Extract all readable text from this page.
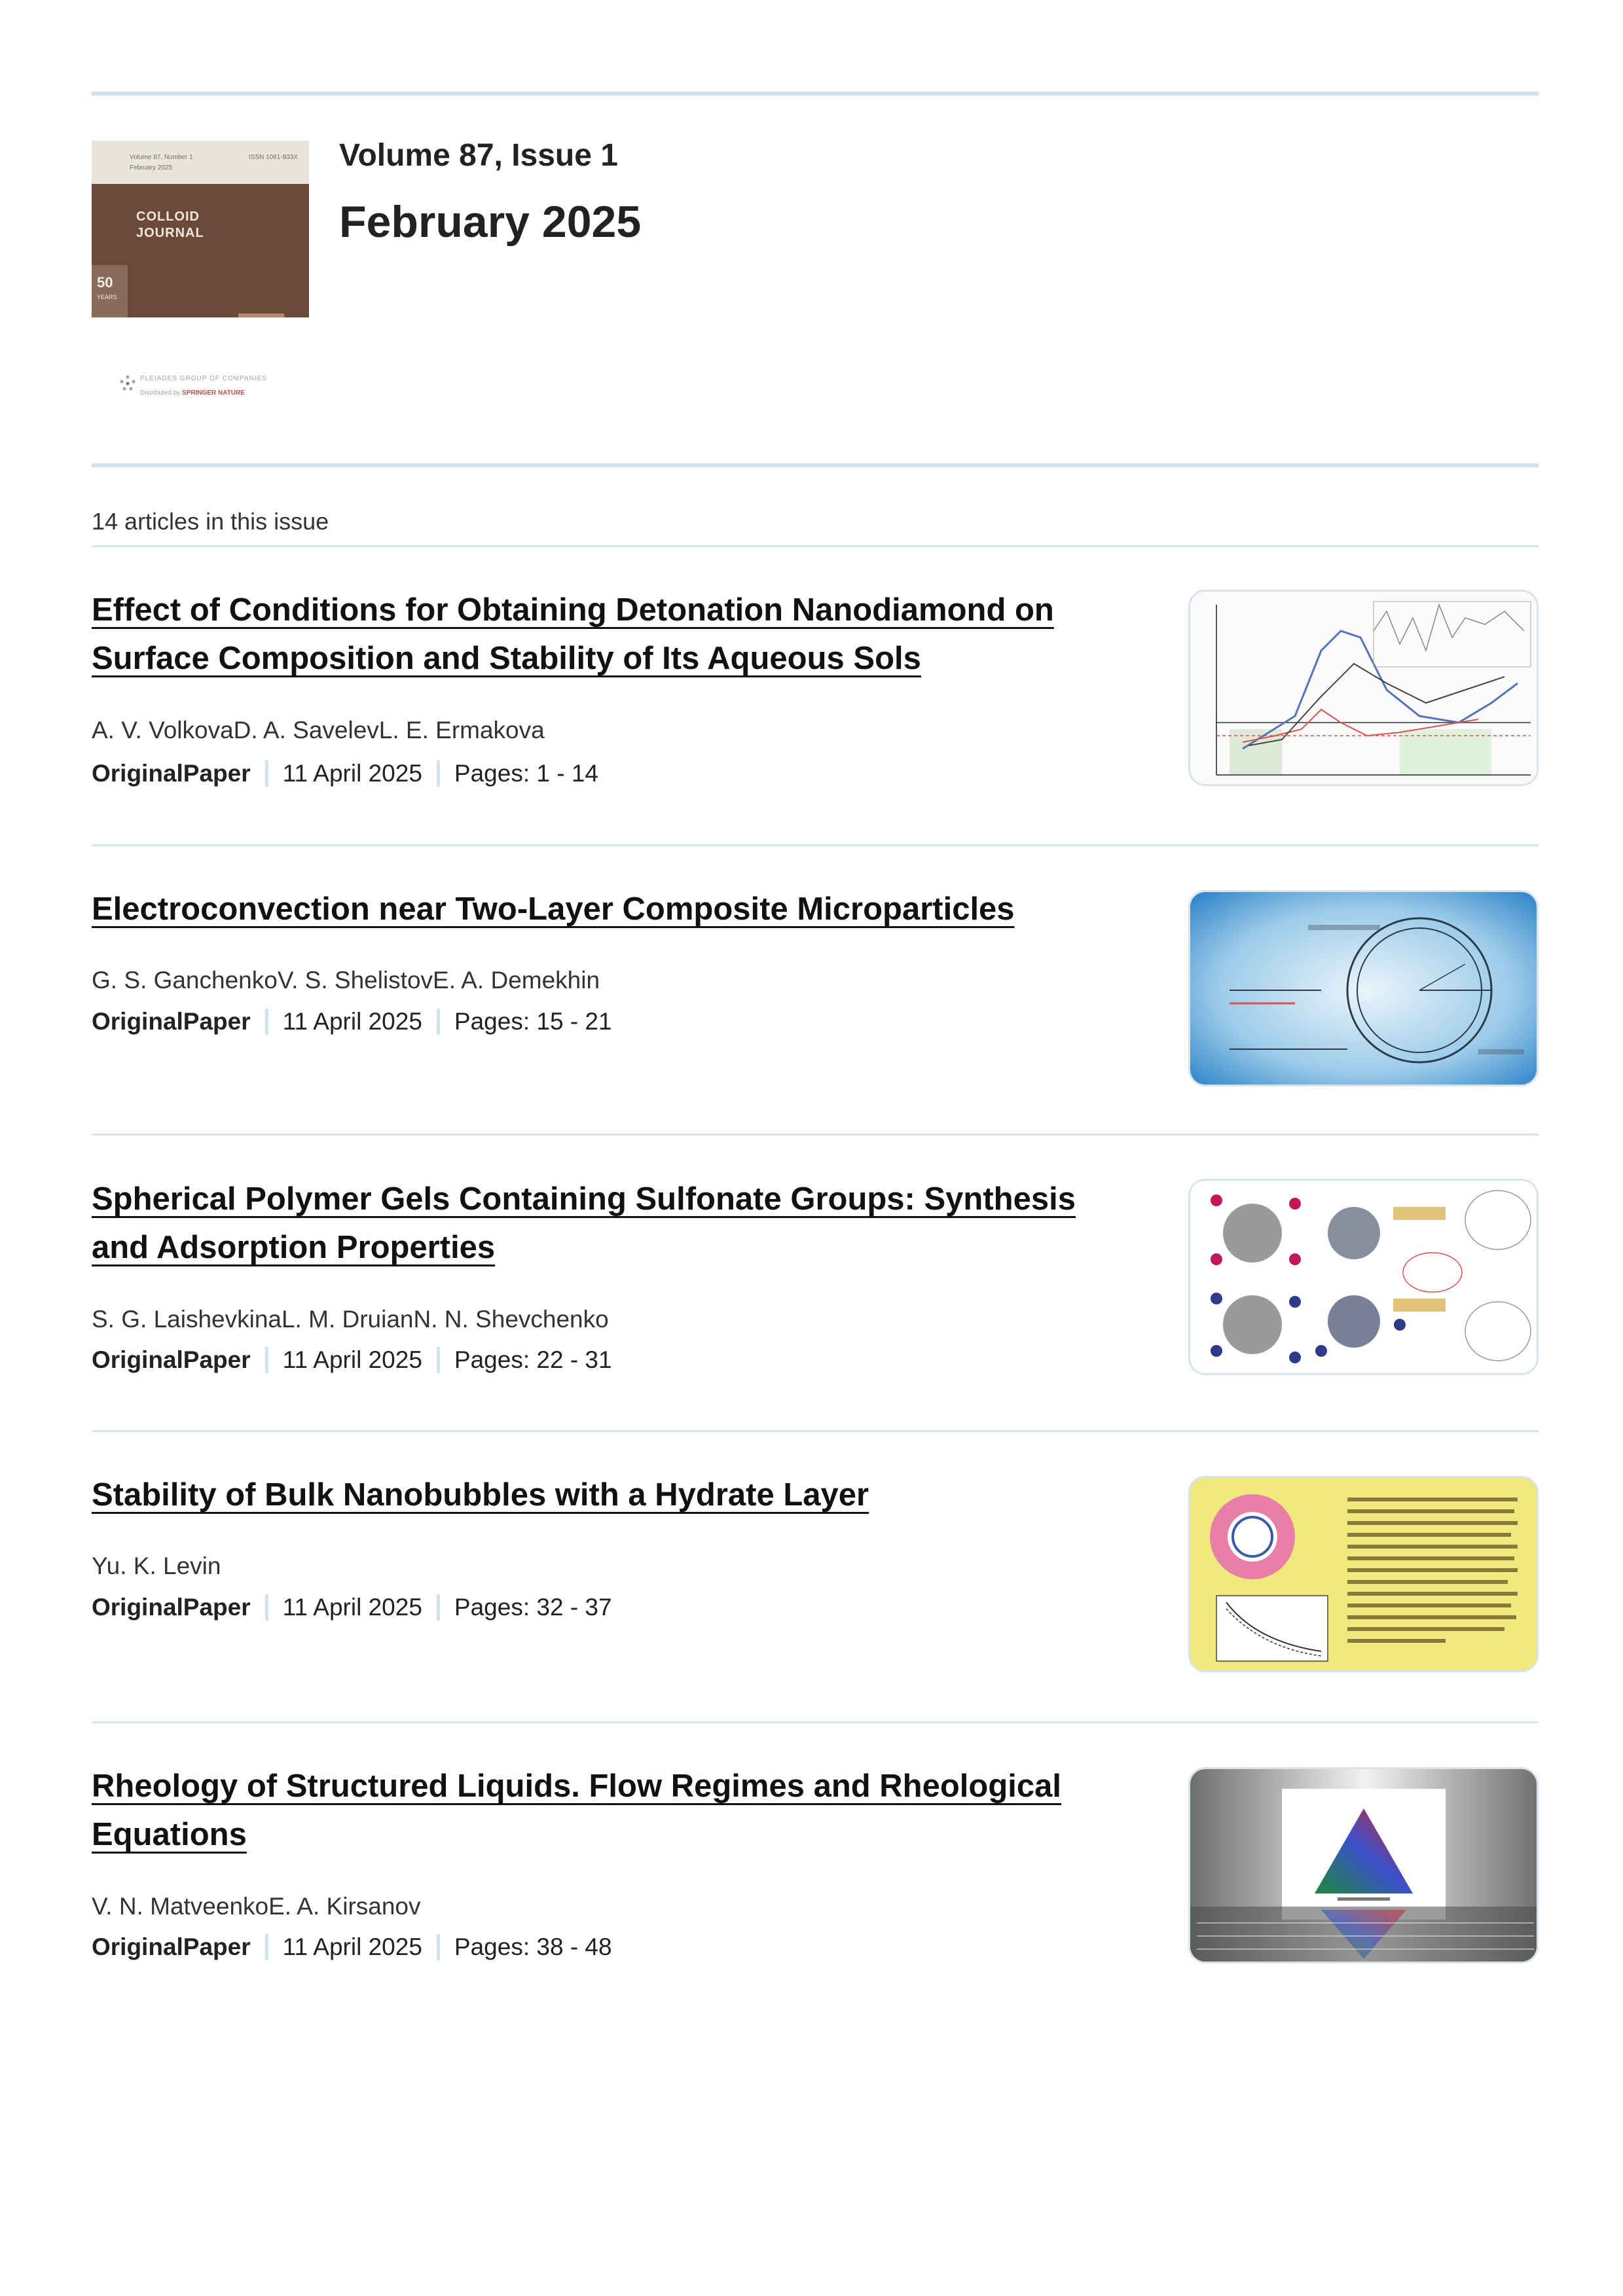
Volume 87, Number 1
February 2025
ISSN 1061-933X
COLLOID
JOURNAL
50
YEARS
PLEIADES GROUP OF COMPANIES
Distributed by SPRINGER NATURE
Volume 87, Issue 1
February 2025
14 articles in this issue
Effect of Conditions for Obtaining Detonation Nanodiamond on Surface Composition and Stability of Its Aqueous Sols
A. V. VolkovaD. A. SavelevL. E. Ermakova
OriginalPaper 11 April 2025 Pages: 1 - 14
Electroconvection near Two-Layer Composite Microparticles
G. S. GanchenkoV. S. ShelistovE. A. Demekhin
OriginalPaper 11 April 2025 Pages: 15 - 21
Spherical Polymer Gels Containing Sulfonate Groups: Synthesis and Adsorption Properties
S. G. LaishevkinaL. M. DruianN. N. Shevchenko
OriginalPaper 11 April 2025 Pages: 22 - 31
Stability of Bulk Nanobubbles with a Hydrate Layer
Yu. K. Levin
OriginalPaper 11 April 2025 Pages: 32 - 37
Rheology of Structured Liquids. Flow Regimes and Rheological Equations
V. N. MatveenkoE. A. Kirsanov
OriginalPaper 11 April 2025 Pages: 38 - 48
